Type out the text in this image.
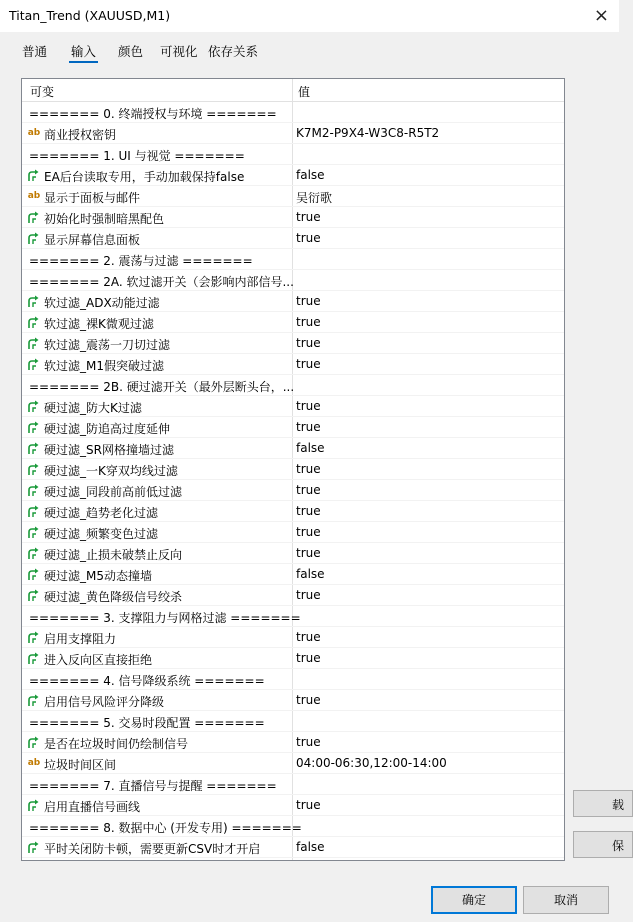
Titan_Trend (XAUUSD,M1)	×
普通 输入 颜色 可视化 依存关系
可变	值
======= 0. 终端授权与环境 =======
ab 商业授权密钥	K7M2-P9X4-W3C8-R5T2
======= 1. UI 与视觉 =======
EA后台读取专用，手动加载保持false	false
ab 显示于面板与邮件	吴衍歌
初始化时强制暗黑配色	true
显示屏幕信息面板	true
======= 2. 震荡与过滤 =======
======= 2A. 软过滤开关（会影响内部信号...
软过滤_ADX动能过滤	true
软过滤_裸K微观过滤	true
软过滤_震荡一刀切过滤	true
软过滤_M1假突破过滤	true
======= 2B. 硬过滤开关（最外层断头台，...
硬过滤_防大K过滤	true
硬过滤_防追高过度延伸	true
硬过滤_SR网格撞墙过滤	false
硬过滤_一K穿双均线过滤	true
硬过滤_同段前高前低过滤	true
硬过滤_趋势老化过滤	true
硬过滤_频繁变色过滤	true
硬过滤_止损未破禁止反向	true
硬过滤_M5动态撞墙	false
硬过滤_黄色降级信号绞杀	true
======= 3. 支撑阻力与网格过滤 =======
启用支撑阻力	true
进入反向区直接拒绝	true
======= 4. 信号降级系统 =======
启用信号风险评分降级	true
======= 5. 交易时段配置 =======
是否在垃圾时间仍绘制信号	true
ab 垃圾时间区间	04:00-06:30,12:00-14:00
======= 7. 直播信号与提醒 =======
启用直播信号画线	true
======= 8. 数据中心 (开发专用) =======
平时关闭防卡顿，需要更新CSV时才开启	false
载
保
确定	取消
